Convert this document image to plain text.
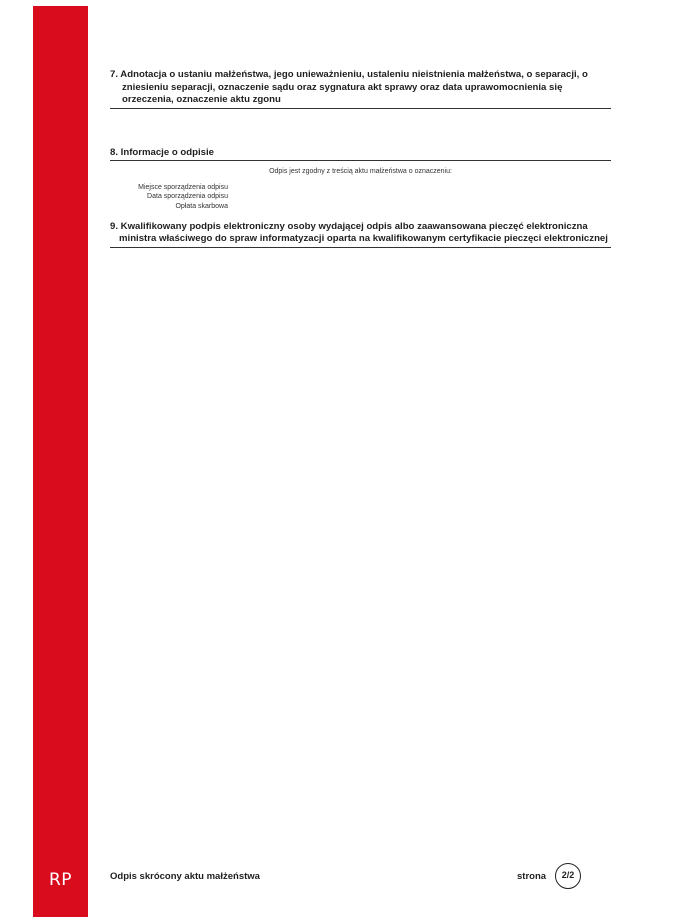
RP
7. Adnotacja o ustaniu małżeństwa, jego unieważnieniu, ustaleniu nieistnienia małżeństwa, o separacji, o zniesieniu separacji, oznaczenie sądu oraz sygnatura akt sprawy oraz data uprawomocnienia się orzeczenia, oznaczenie aktu zgonu
8. Informacje o odpisie
Odpis jest zgodny z treścią aktu małżeństwa o oznaczeniu:
Miejsce sporządzenia odpisu
Data sporządzenia odpisu
Opłata skarbowa
9. Kwalifikowany podpis elektroniczny osoby wydającej odpis albo zaawansowana pieczęć elektroniczna ministra właściwego do spraw informatyzacji oparta na kwalifikowanym certyfikacie pieczęci elektronicznej
Odpis skrócony aktu małżeństwa	strona	2/2
